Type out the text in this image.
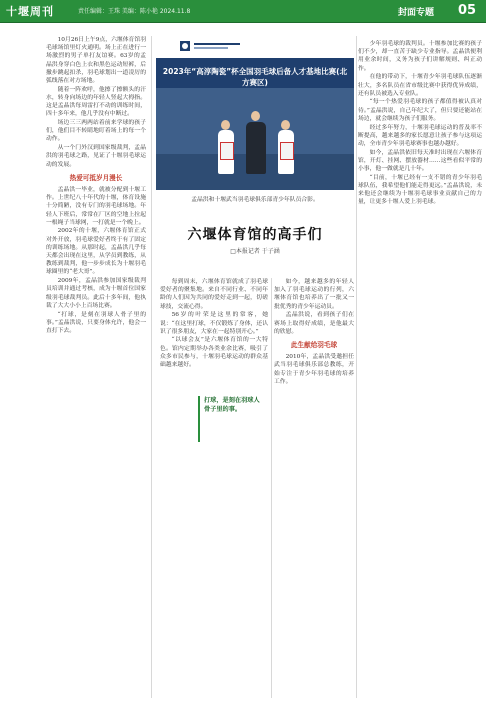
十堰周刊	责任编辑：王珠 美编：陈小艳 2024.11.8	封面专题	05
2023年“高淳陶瓷”杯全国羽毛球后备人才基地比赛(北方赛区)
孟晶洪和十堰武当羽毛球俱乐部青少年队员合影。
六堰体育馆的高手们
□本报记者 于子涵

10月26日上午9点，六堰体育馆羽毛球场馆里灯火通明。场上正在进行一场激烈的男子单打友谊赛。63岁的孟晶洪身穿白色上衣和黑色运动短裤，后撤步跳起扣杀，羽毛球划出一道凌厉的弧线落在对方场地。

随着一阵欢呼，他擦了擦额头的汗水，转身向场边的年轻人竖起大拇指。这是孟晶洪每周雷打不动的训练时间，四十多年来，他几乎没有中断过。

场边三三两两站着前来学球的孩子们，他们目不转睛地盯着场上的每一个动作。

从一个门外汉到国家级裁判，孟晶洪的羽毛球之路，见证了十堰羽毛球运动的发展。

热爱可抵岁月漫长

孟晶洪一毕业，就被分配到十堰工作。上世纪八十年代的十堰，体育设施十分简陋，没有专门的羽毛球场地。年轻人下班后，常常在厂区的空地上拉起一根绳子当球网，一打就是一个晚上。

2002年的十堰，六堰体育馆正式对外开放，羽毛球爱好者终于有了固定的训练场地。从那时起，孟晶洪几乎每天都会出现在这里，从学员到教练，从教练到裁判，他一步步成长为十堰羽毛球圈里的“老大哥”。

2009年，孟晶洪参加国家级裁判员培训并通过考核，成为十堰首位国家级羽毛球裁判员。此后十多年间，他执裁了大大小小上百场比赛。

“打球，是刻在羽球人骨子里的事。”孟晶洪说，只要身体允许，他会一直打下去。

每到周末，六堰体育馆就成了羽毛球爱好者的聚集地。来自不同行业、不同年龄的人们因为共同的爱好走到一起，切磋球技，交流心得。

56岁的叶荣是这里的常客，她说：“在这里打球，不仅锻炼了身体，还认识了很多朋友，大家在一起特别开心。”

“以球会友”是六堰体育馆的一大特色。馆内定期举办各类业余比赛，吸引了众多市民参与，十堰羽毛球运动的群众基础越来越好。

打球，是刻在羽球人骨子里的事。

如今，越来越多的年轻人加入了羽毛球运动的行列，六堰体育馆也培养出了一批又一批优秀的青少年运动员。

孟晶洪说，看到孩子们在赛场上取得好成绩，是他最大的欣慰。

此生献给羽毛球

2010年，孟晶洪受邀担任武当羽毛球俱乐部总教练，开始专注于青少年羽毛球的培养工作。

少年羽毛球的裁判员。十堰参加比赛的孩子们不少，却一直苦于缺少专业指导。孟晶洪便利用业余时间，义务为孩子们讲解规则、纠正动作。

在他的带动下，十堰青少年羽毛球队伍逐渐壮大，多名队员在省市级比赛中获得优异成绩，还有队员被选入专业队。

“每一个热爱羽毛球的孩子都值得被认真对待。”孟晶洪说，自己年纪大了，但只要还能站在场边，就会继续为孩子们服务。

经过多年努力，十堰羽毛球运动的普及率不断提高，越来越多的家长愿意让孩子参与这项运动，全市青少年羽毛球赛事也越办越好。

如今，孟晶洪依旧每天准时出现在六堰体育馆，开灯、挂网、摆放器材……这些看似平常的小事，他一做就是几十年。

“目前，十堰已经有一支不错的青少年羽毛球队伍，我希望他们能走得更远。”孟晶洪说，未来他还会继续为十堰羽毛球事业贡献自己的力量，让更多十堰人爱上羽毛球。
